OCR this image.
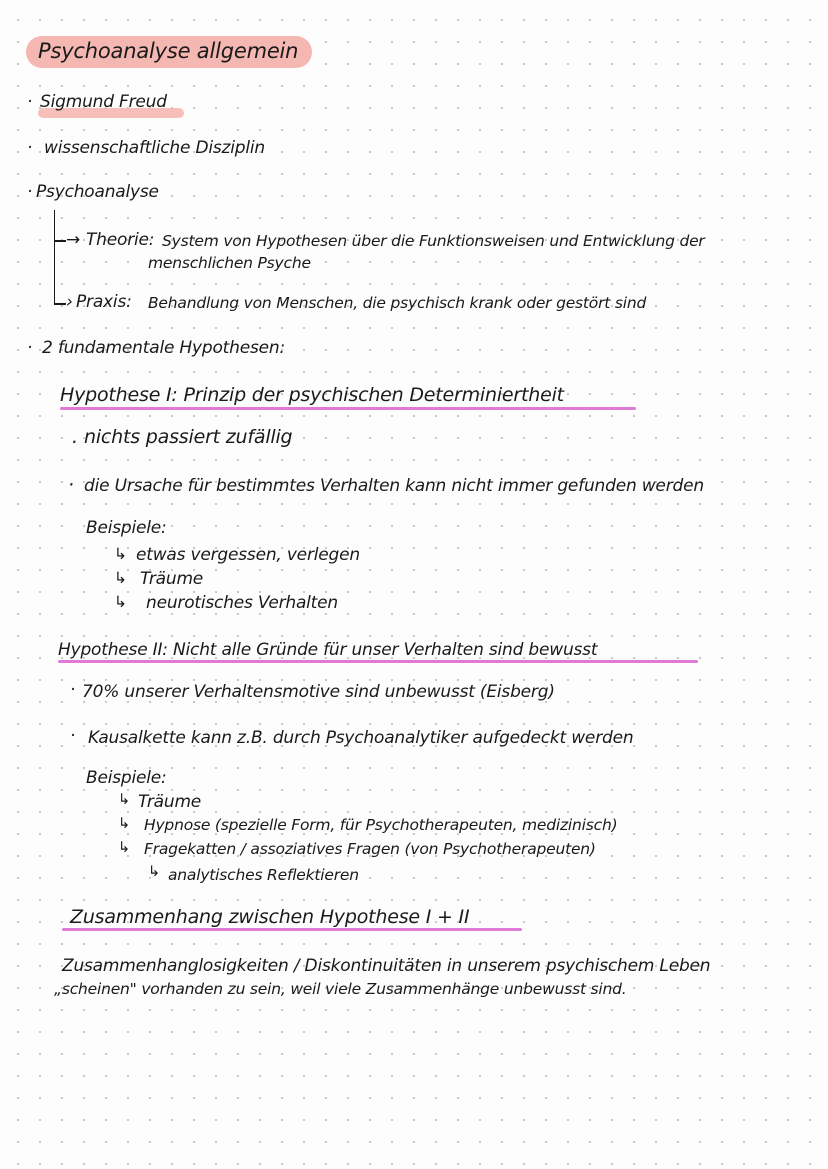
Psychoanalyse allgemein
· Sigmund Freud
· wissenschaftliche Disziplin
· Psychoanalyse
→ Theorie: System von Hypothesen über die Funktionsweisen und Entwicklung der
menschlichen Psyche
› Praxis: Behandlung von Menschen, die psychisch krank oder gestört sind
· 2 fundamentale Hypothesen:
Hypothese I: Prinzip der psychischen Determiniertheit
. nichts passiert zufällig
· die Ursache für bestimmtes Verhalten kann nicht immer gefunden werden
Beispiele:
↳ etwas vergessen, verlegen
↳ Träume
↳ neurotisches Verhalten
Hypothese II: Nicht alle Gründe für unser Verhalten sind bewusst
· 70% unserer Verhaltensmotive sind unbewusst (Eisberg)
· Kausalkette kann z.B. durch Psychoanalytiker aufgedeckt werden
Beispiele:
↳ Träume
↳ Hypnose (spezielle Form, für Psychotherapeuten, medizinisch)
↳ Fragekatten / assoziatives Fragen (von Psychotherapeuten)
↳ analytisches Reflektieren
Zusammenhang zwischen Hypothese I + II
Zusammenhanglosigkeiten / Diskontinuitäten in unserem psychischem Leben
„scheinen" vorhanden zu sein, weil viele Zusammenhänge unbewusst sind.
